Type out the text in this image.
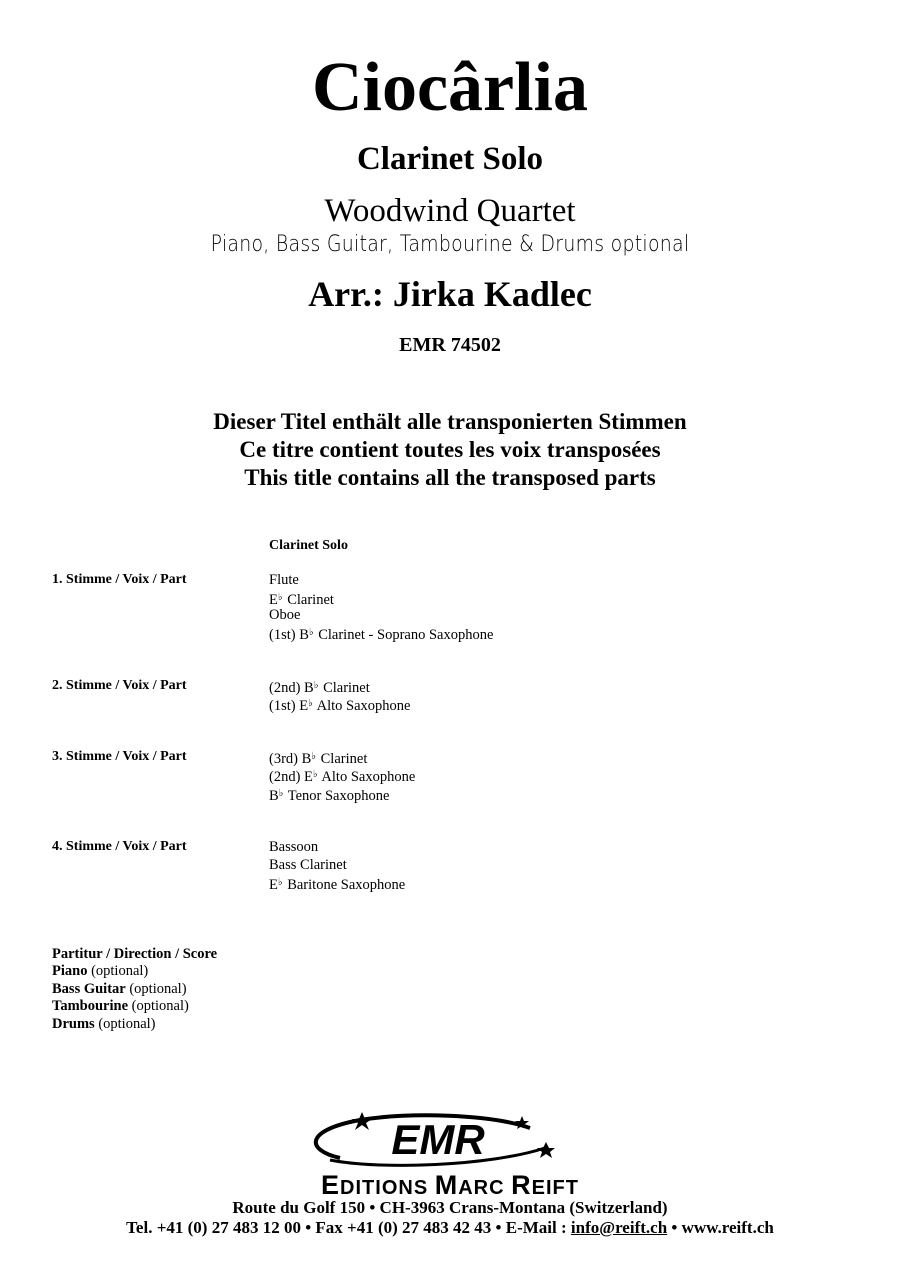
Ciocârlia
Clarinet Solo
Woodwind Quartet
Piano, Bass Guitar, Tambourine & Drums optional
Arr.: Jirka Kadlec
EMR 74502
Dieser Titel enthält alle transponierten Stimmen
Ce titre contient toutes les voix transposées
This title contains all the transposed parts
Clarinet Solo
1. Stimme / Voix / Part	Flute
E♭ Clarinet
Oboe
(1st) B♭ Clarinet - Soprano Saxophone
2. Stimme / Voix / Part	(2nd) B♭ Clarinet
(1st) E♭ Alto Saxophone
3. Stimme / Voix / Part	(3rd) B♭ Clarinet
(2nd) E♭ Alto Saxophone
B♭ Tenor Saxophone
4. Stimme / Voix / Part	Bassoon
Bass Clarinet
E♭ Baritone Saxophone
Partitur / Direction / Score
Piano (optional)
Bass Guitar (optional)
Tambourine (optional)
Drums (optional)
EMR
EDITIONS MARC REIFT
Route du Golf 150 • CH-3963 Crans-Montana (Switzerland)
Tel. +41 (0) 27 483 12 00 • Fax +41 (0) 27 483 42 43 • E-Mail : info@reift.ch • www.reift.ch
